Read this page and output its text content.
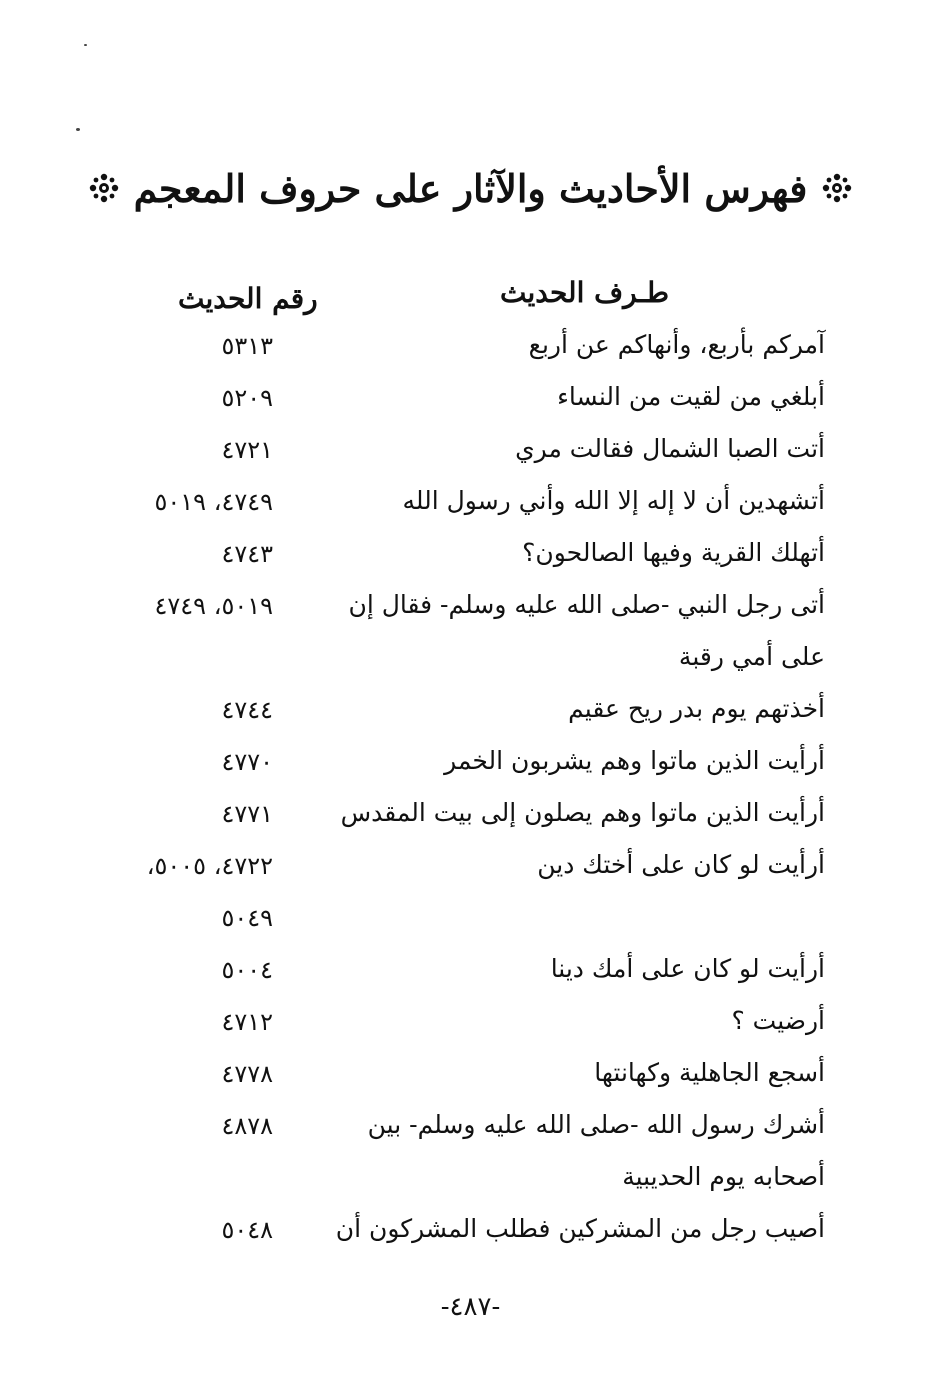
فهرس الأحاديث والآثار على حروف المعجم
طـرف الحديث
رقم الحديث
آمركم بأربع، وأنهاكم عن أربع
٥٣١٣
أبلغي من لقيت من النساء
٥٢٠٩
أتت الصبا الشمال فقالت مري
٤٧٢١
أتشهدين أن لا إله إلا الله وأني رسول الله
٤٧٤٩، ٥٠١٩
أتهلك القرية وفيها الصالحون؟
٤٧٤٣
أتى رجل النبي -صلى الله عليه وسلم- فقال إن
٥٠١٩، ٤٧٤٩
على أمي رقبة
أخذتهم يوم بدر ريح عقيم
٤٧٤٤
أرأيت الذين ماتوا وهم يشربون الخمر
٤٧٧٠
أرأيت الذين ماتوا وهم يصلون إلى بيت المقدس
٤٧٧١
أرأيت لو كان على أختك دين
٤٧٢٢، ٥٠٠٥،
٥٠٤٩
أرأيت لو كان على أمك دينا
٥٠٠٤
أرضيت ؟
٤٧١٢
أسجع الجاهلية وكهانتها
٤٧٧٨
أشرك رسول الله -صلى الله عليه وسلم- بين
٤٨٧٨
أصحابه يوم الحديبية
أصيب رجل من المشركين فطلب المشركون أن
٥٠٤٨
-٤٨٧-
